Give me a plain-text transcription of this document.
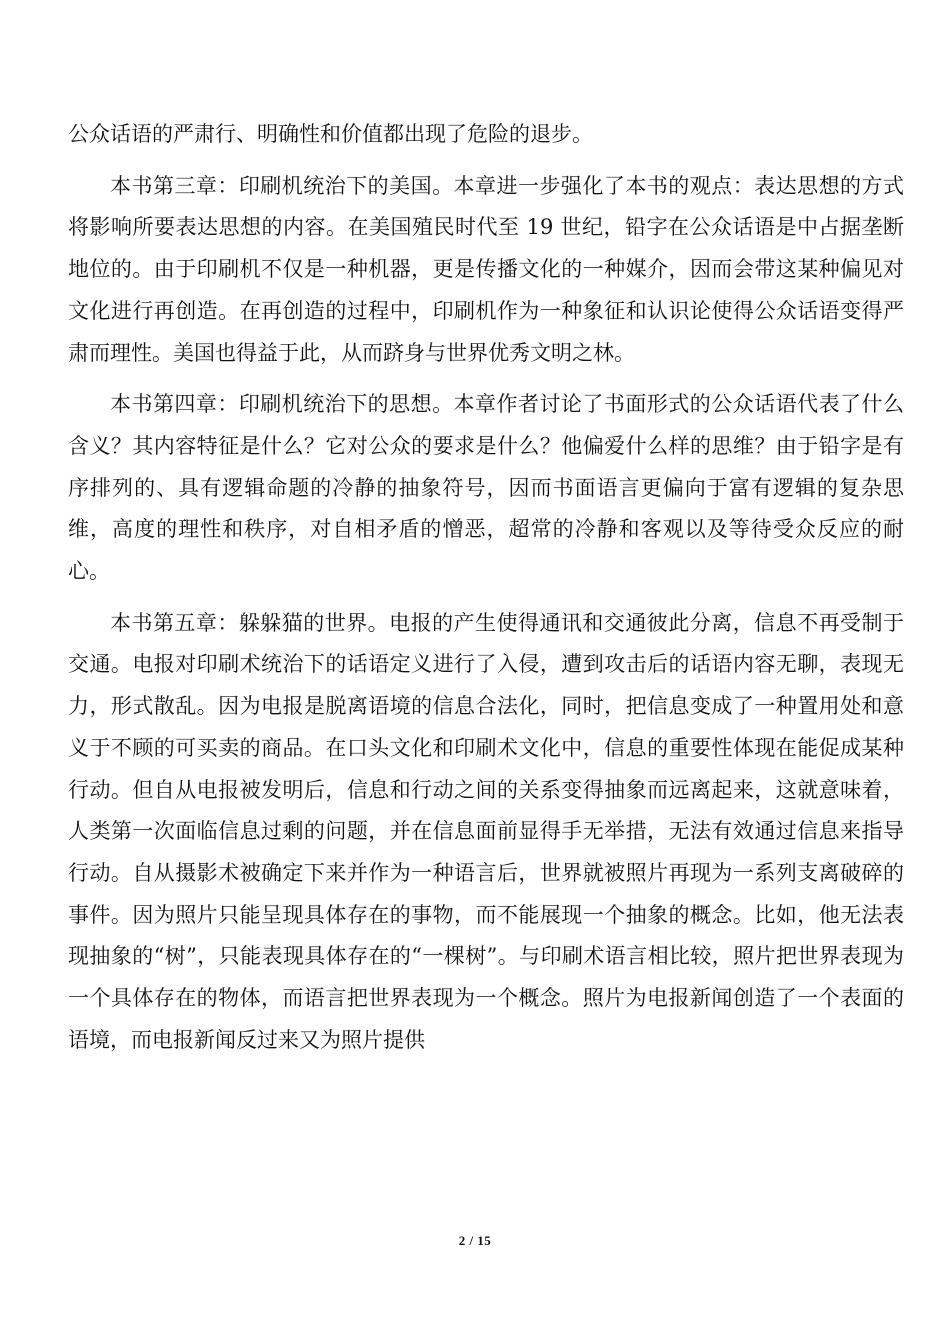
公众话语的严肃行、明确性和价值都出现了危险的退步。

本书第三章：印刷机统治下的美国。本章进一步强化了本书的观点：表达思想的方式将影响所要表达思想的内容。在美国殖民时代至 19 世纪，铅字在公众话语是中占据垄断地位的。由于印刷机不仅是一种机器，更是传播文化的一种媒介，因而会带这某种偏见对文化进行再创造。在再创造的过程中，印刷机作为一种象征和认识论使得公众话语变得严肃而理性。美国也得益于此，从而跻身与世界优秀文明之林。

本书第四章：印刷机统治下的思想。本章作者讨论了书面形式的公众话语代表了什么含义？其内容特征是什么？它对公众的要求是什么？他偏爱什么样的思维？由于铅字是有序排列的、具有逻辑命题的冷静的抽象符号，因而书面语言更偏向于富有逻辑的复杂思维，高度的理性和秩序，对自相矛盾的憎恶，超常的冷静和客观以及等待受众反应的耐心。

本书第五章：躲躲猫的世界。电报的产生使得通讯和交通彼此分离，信息不再受制于交通。电报对印刷术统治下的话语定义进行了入侵，遭到攻击后的话语内容无聊，表现无力，形式散乱。因为电报是脱离语境的信息合法化，同时，把信息变成了一种置用处和意义于不顾的可买卖的商品。在口头文化和印刷术文化中，信息的重要性体现在能促成某种行动。但自从电报被发明后，信息和行动之间的关系变得抽象而远离起来，这就意味着，人类第一次面临信息过剩的问题，并在信息面前显得手无举措，无法有效通过信息来指导行动。自从摄影术被确定下来并作为一种语言后，世界就被照片再现为一系列支离破碎的事件。因为照片只能呈现具体存在的事物，而不能展现一个抽象的概念。比如，他无法表现抽象的“树”，只能表现具体存在的“一棵树”。与印刷术语言相比较，照片把世界表现为一个具体存在的物体，而语言把世界表现为一个概念。照片为电报新闻创造了一个表面的语境，而电报新闻反过来又为照片提供

2 / 15
